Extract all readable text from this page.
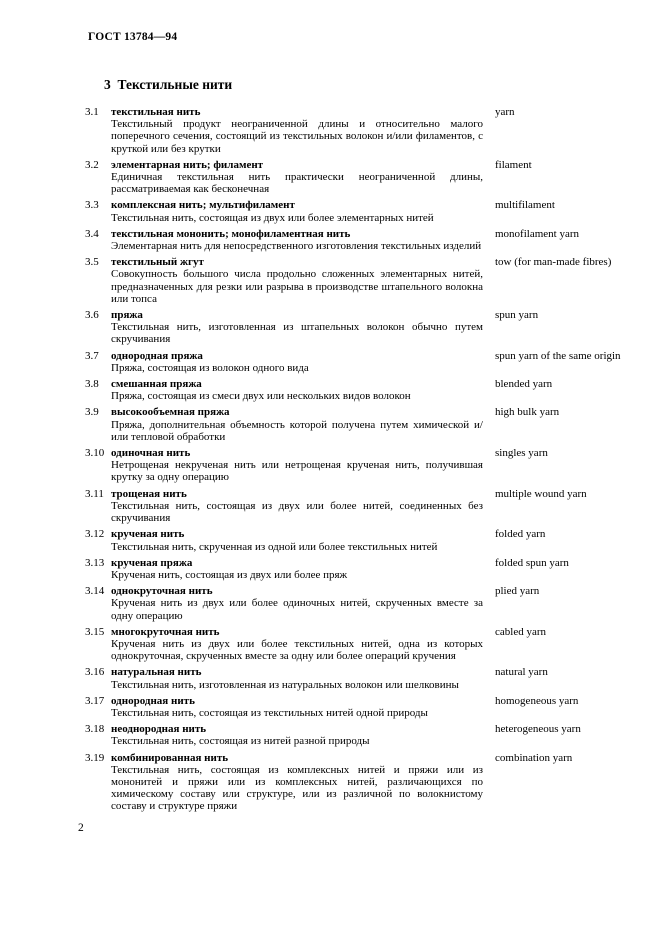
ГОСТ 13784—94
3  Текстильные нити
3.1	текстильная нить
Текстильный продукт неограниченной длины и относительно малого поперечного сечения, состоящий из текстильных волокон и/или филаментов, с круткой или без крутки
yarn
3.2	элементарная нить; филамент
Единичная текстильная нить практически неограниченной длины, рассматриваемая как бесконечная
filament
3.3	комплексная нить; мультифиламент
Текстильная нить, состоящая из двух или более элементарных нитей
multifilament
3.4	текстильная мононить; монофиламентная нить
Элементарная нить для непосредственного изготовления текстильных изделий
monofilament yarn
3.5	текстильный жгут
Совокупность большого числа продольно сложенных элементарных нитей, предназначенных для резки или разрыва в производстве штапельного волокна или топса
tow (for man-made fibres)
3.6	пряжа
Текстильная нить, изготовленная из штапельных волокон обычно путем скручивания
spun yarn
3.7	однородная пряжа
Пряжа, состоящая из волокон одного вида
spun yarn of the same origin
3.8	смешанная пряжа
Пряжа, состоящая из смеси двух или нескольких видов волокон
blended yarn
3.9	высокообъемная пряжа
Пряжа, дополнительная объемность которой получена путем химической и/или тепловой обработки
high bulk yarn
3.10 одиночная нить
Нетрощеная некрученая нить или нетрощеная крученая нить, получившая крутку за одну операцию
singles yarn
3.11 трощеная нить
Текстильная нить, состоящая из двух или более нитей, соединенных без скручивания
multiple wound yarn
3.12 крученая нить
Текстильная нить, скрученная из одной или более текстильных нитей
folded yarn
3.13 крученая пряжа
Крученая нить, состоящая из двух или более пряж
folded spun yarn
3.14 однокруточная нить
Крученая нить из двух или более одиночных нитей, скрученных вместе за одну операцию
plied yarn
3.15 многокруточная нить
Крученая нить из двух или более текстильных нитей, одна из которых однокруточная, скрученных вместе за одну или более операций кручения
cabled yarn
3.16 натуральная нить
Текстильная нить, изготовленная из натуральных волокон или шелковины
natural yarn
3.17 однородная нить
Текстильная нить, состоящая из текстильных нитей одной природы
homogeneous yarn
3.18 неоднородная нить
Текстильная нить, состоящая из нитей разной природы
heterogeneous yarn
3.19 комбинированная нить
Текстильная нить, состоящая из комплексных нитей и пряжи или из мононитей и пряжи или из комплексных нитей, различающихся по химическому составу или структуре, или из различной по волокнистому составу и структуре пряжи
combination yarn
2
